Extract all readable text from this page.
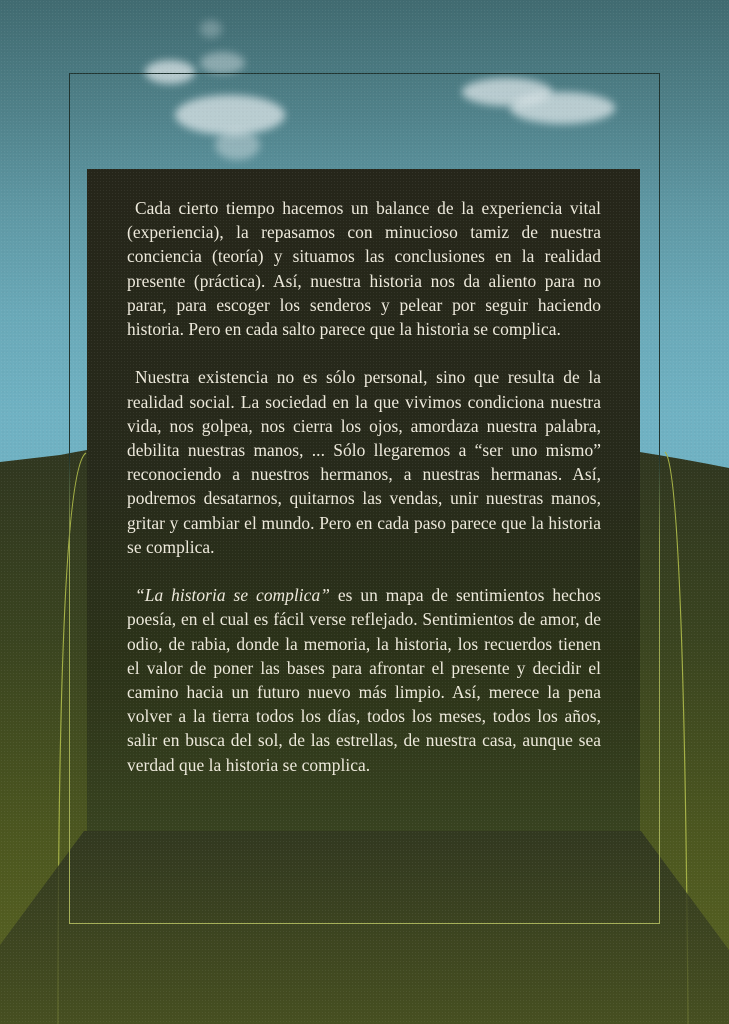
Cada cierto tiempo hacemos un balance de la experiencia vital (experiencia), la repasamos con minucioso tamiz de nuestra conciencia (teoría) y situamos las conclusiones en la realidad presente (práctica). Así, nuestra historia nos da aliento para no parar, para escoger los senderos y pelear por seguir haciendo historia. Pero en cada salto parece que la historia se complica.

Nuestra existencia no es sólo personal, sino que resulta de la realidad social. La sociedad en la que vivimos condiciona nuestra vida, nos golpea, nos cierra los ojos, amordaza nuestra palabra, debilita nuestras manos, ... Sólo llegaremos a “ser uno mismo” reconociendo a nuestros hermanos, a nuestras hermanas. Así, podremos desatarnos, quitarnos las vendas, unir nuestras manos, gritar y cambiar el mundo. Pero en cada paso parece que la historia se complica.

“La historia se complica” es un mapa de sentimientos hechos poesía, en el cual es fácil verse reflejado. Sentimientos de amor, de odio, de rabia, donde la memoria, la historia, los recuerdos tienen el valor de poner las bases para afrontar el presente y decidir el camino hacia un futuro nuevo más limpio. Así, merece la pena volver a la tierra todos los días, todos los meses, todos los años, salir en busca del sol, de las estrellas, de nuestra casa, aunque sea verdad que la historia se complica.
